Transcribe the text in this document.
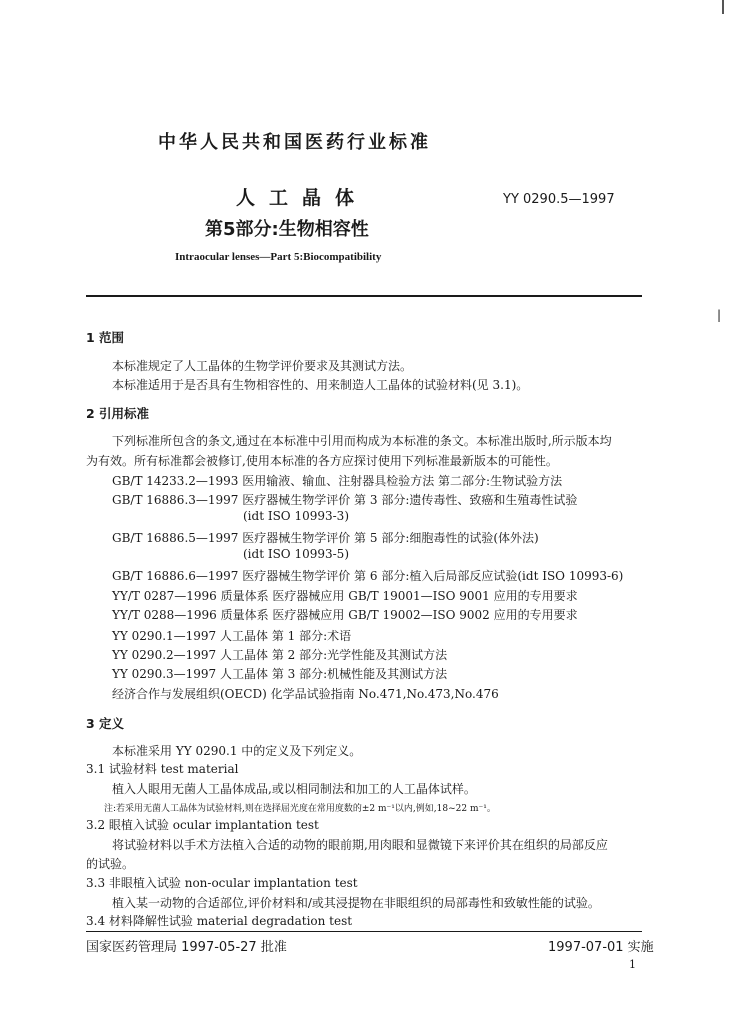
中华人民共和国医药行业标准
人工晶体	YY 0290.5—1997
第5部分:生物相容性
Intraocular lenses—Part 5:Biocompatibility
|
1 范围
本标准规定了人工晶体的生物学评价要求及其测试方法。
本标准适用于是否具有生物相容性的、用来制造人工晶体的试验材料(见 3.1)。
2 引用标准
下列标准所包含的条文,通过在本标准中引用而构成为本标准的条文。本标准出版时,所示版本均
为有效。所有标准都会被修订,使用本标准的各方应探讨使用下列标准最新版本的可能性。
GB/T 14233.2—1993 医用输液、输血、注射器具检验方法 第二部分:生物试验方法
GB/T 16886.3—1997 医疗器械生物学评价 第 3 部分:遗传毒性、致癌和生殖毒性试验
(idt ISO 10993-3)
GB/T 16886.5—1997 医疗器械生物学评价 第 5 部分:细胞毒性的试验(体外法)
(idt ISO 10993-5)
GB/T 16886.6—1997 医疗器械生物学评价 第 6 部分:植入后局部反应试验(idt ISO 10993-6)
YY/T 0287—1996 质量体系 医疗器械应用 GB/T 19001—ISO 9001 应用的专用要求
YY/T 0288—1996 质量体系 医疗器械应用 GB/T 19002—ISO 9002 应用的专用要求
YY 0290.1—1997 人工晶体 第 1 部分:术语
YY 0290.2—1997 人工晶体 第 2 部分:光学性能及其测试方法
YY 0290.3—1997 人工晶体 第 3 部分:机械性能及其测试方法
经济合作与发展组织(OECD) 化学品试验指南 No.471,No.473,No.476
3 定义
本标准采用 YY 0290.1 中的定义及下列定义。
3.1 试验材料 test material
植入人眼用无菌人工晶体成品,或以相同制法和加工的人工晶体试样。
注:若采用无菌人工晶体为试验材料,则在选择屈光度在常用度数的±2 m⁻¹以内,例如,18~22 m⁻¹。
3.2 眼植入试验 ocular implantation test
将试验材料以手术方法植入合适的动物的眼前期,用肉眼和显微镜下来评价其在组织的局部反应
的试验。
3.3 非眼植入试验 non-ocular implantation test
植入某一动物的合适部位,评价材料和/或其浸提物在非眼组织的局部毒性和致敏性能的试验。
3.4 材料降解性试验 material degradation test
国家医药管理局 1997-05-27 批准	1997-07-01 实施
1
